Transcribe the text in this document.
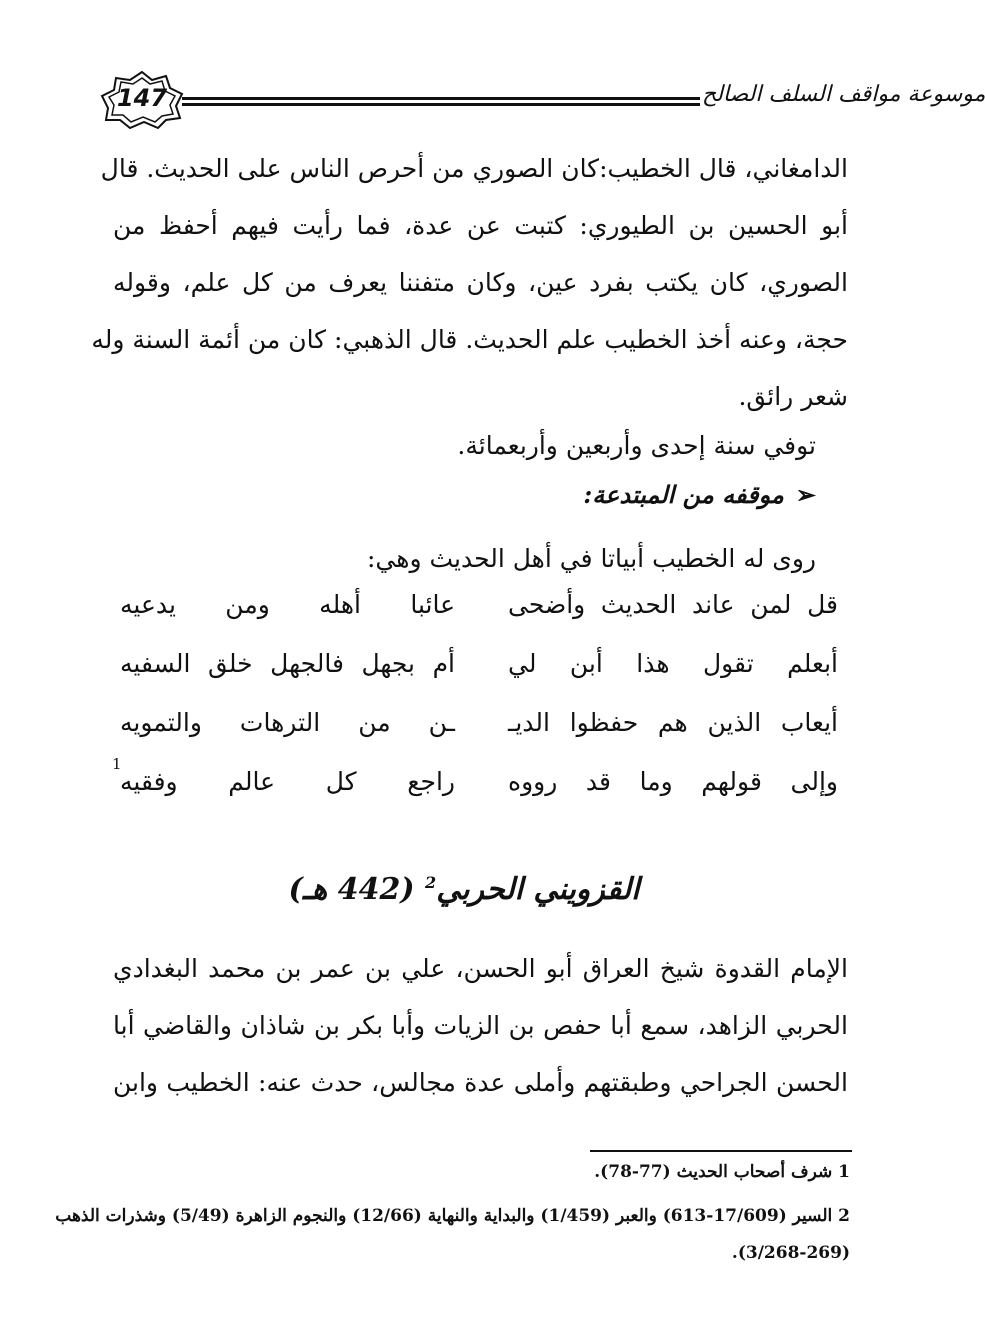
147	موسوعة مواقف السلف الصالح
الدامغاني، قال الخطيب:كان الصوري من أحرص الناس على الحديث. قال
أبو الحسين بن الطيوري: كتبت عن عدة، فما رأيت فيهم أحفظ من
الصوري، كان يكتب بفرد عين، وكان متفننا يعرف من كل علم، وقوله
حجة، وعنه أخذ الخطيب علم الحديث. قال الذهبي: كان من أئمة السنة وله
شعر رائق.
توفي سنة إحدى وأربعين وأربعمائة.
➢موقفه من المبتدعة:
روى له الخطيب أبياتا في أهل الحديث وهي:
قل لمن عاند الحديث وأضحى
عائبا أهله ومن يدعيه
أبعلم تقول هذا أبن لي
أم بجهل فالجهل خلق السفيه
أيعاب الذين هم حفظوا الديـ
ـن من الترهات والتمويه
وإلى قولهم وما قد رووه
راجع كل عالم وفقيه
1
القزويني الحربي$^2$ (442 هـ)
الإمام القدوة شيخ العراق أبو الحسن، علي بن عمر بن محمد البغدادي
الحربي الزاهد، سمع أبا حفص بن الزيات وأبا بكر بن شاذان والقاضي أبا
الحسن الجراحي وطبقتهم وأملى عدة مجالس، حدث عنه: الخطيب وابن
1 شرف أصحاب الحديث (77-78).
2 السير (17/609-613) والعبر (1/459) والبداية والنهاية (12/66) والنجوم الزاهرة (5/49) وشذرات الذهب
(3/268-269).
